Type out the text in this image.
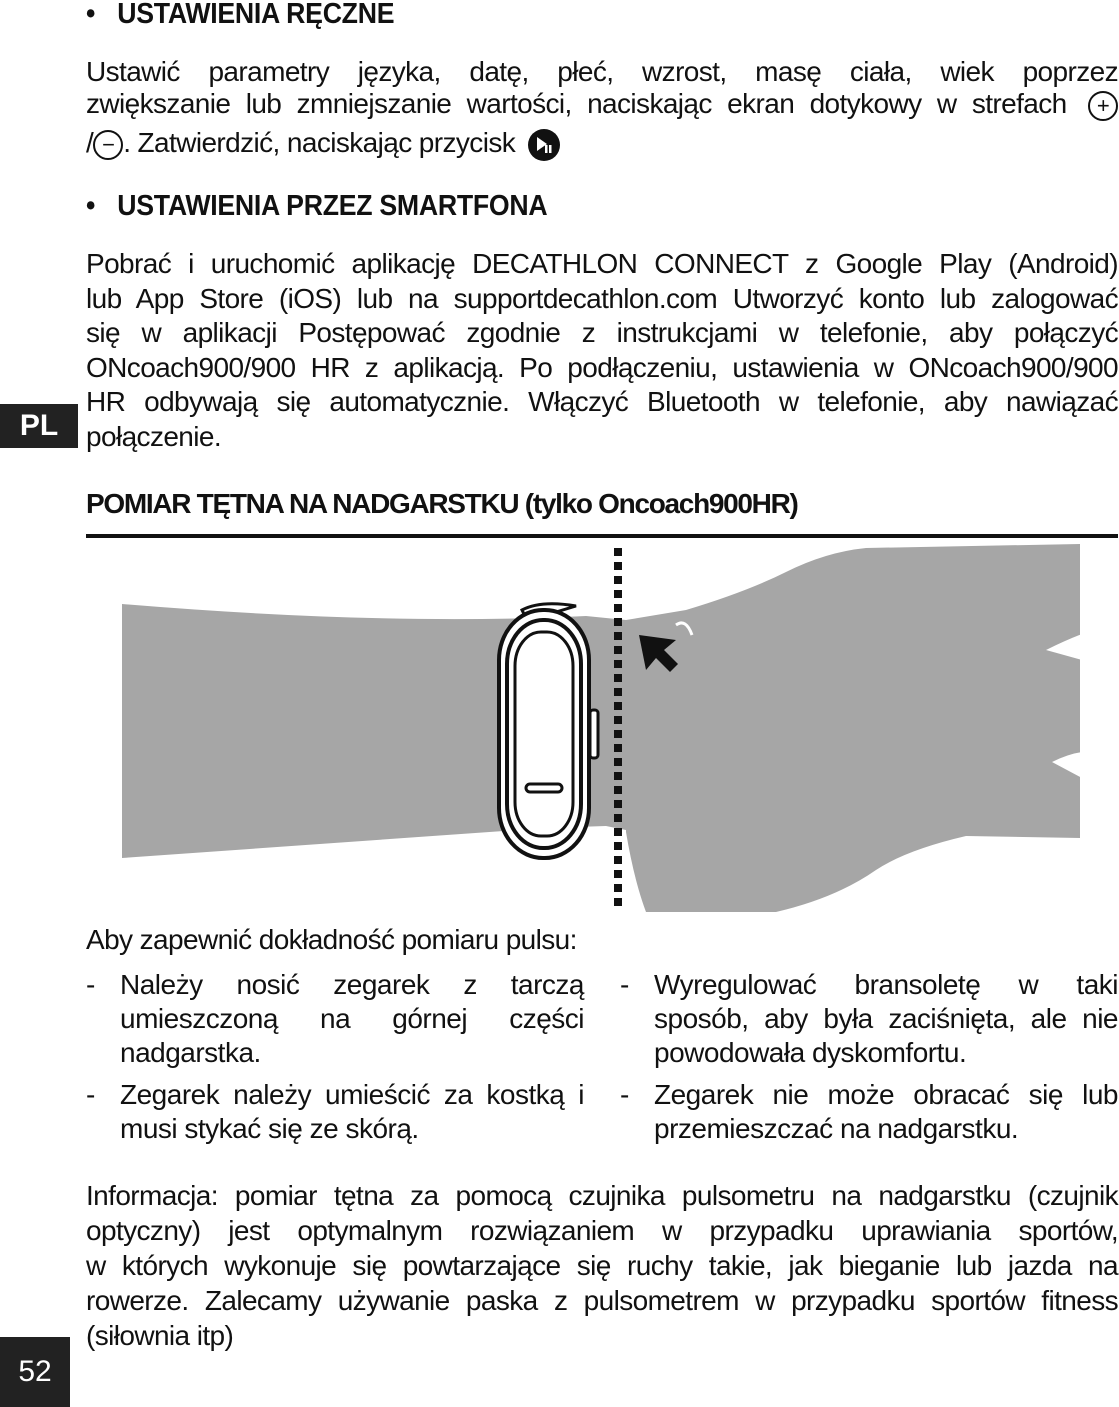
PL
52
• USTAWIENIA RĘCZNE
Ustawić parametry języka, datę, płeć, wzrost, masę ciała, wiek poprzez
zwiększanie lub zmniejszanie wartości, naciskając ekran dotykowy w strefach +
/ − . Zatwierdzić, naciskając przycisk
• USTAWIENIA PRZEZ SMARTFONA
Pobrać i uruchomić aplikację DECATHLON CONNECT z Google Play (Android)
lub App Store (iOS) lub na supportdecathlon.com Utworzyć konto lub zalogować
się w aplikacji Postępować zgodnie z instrukcjami w telefonie, aby połączyć
ONcoach900/900 HR z aplikacją. Po podłączeniu, ustawienia w ONcoach900/900
HR odbywają się automatycznie. Włączyć Bluetooth w telefonie, aby nawiązać
połączenie.
POMIAR TĘTNA NA NADGARSTKU (tylko Oncoach900HR)
Aby zapewnić dokładność pomiaru pulsu:

- Należy nosić zegarek z tarczą umieszczoną na górnej części nadgarstka.

- Zegarek należy umieścić za kostką i musi stykać się ze skórą.

- Wyregulować bransoletę w taki sposób, aby była zaciśnięta, ale nie powodowała dyskomfortu.

- Zegarek nie może obracać się lub przemieszczać na nadgarstku.

Informacja: pomiar tętna za pomocą czujnika pulsometru na nadgarstku (czujnik
optyczny) jest optymalnym rozwiązaniem w przypadku uprawiania sportów,
w których wykonuje się powtarzające się ruchy takie, jak bieganie lub jazda na
rowerze. Zalecamy używanie paska z pulsometrem w przypadku sportów fitness
(siłownia itp)
